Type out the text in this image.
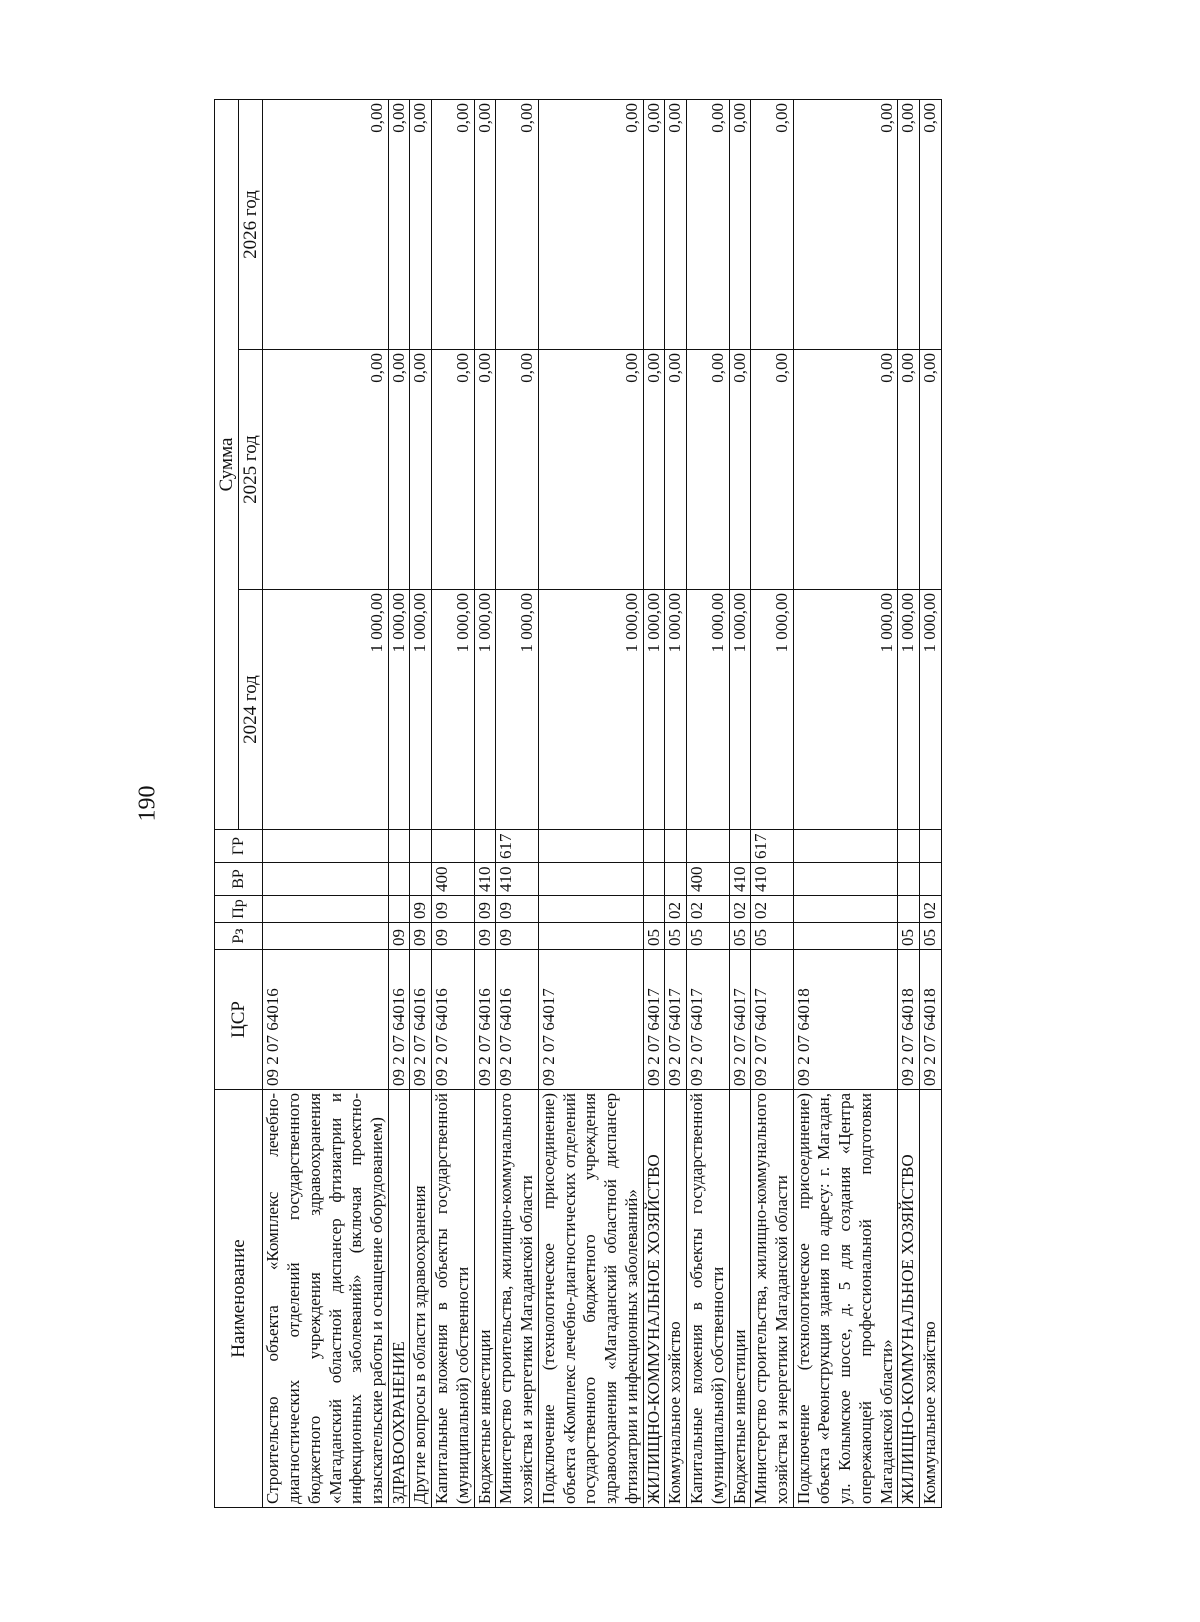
190
Наименование	ЦСР	Рз	Пр	ВР	ГР	Сумма		
						2024 год	2025 год	2026 год
Строительство объекта «Комплекс лечебно-диагностических отделений государственного бюджетного учреждения здравоохранения «Магаданский областной диспансер фтизиатрии и инфекционных заболеваний» (включая проектно-изыскательские работы и оснащение оборудованием)	09 2 07 64016					1 000,00	0,00	0,00
ЗДРАВООХРАНЕНИЕ	09 2 07 64016	09				1 000,00	0,00	0,00
Другие вопросы в области здравоохранения	09 2 07 64016	09	09			1 000,00	0,00	0,00
Капитальные вложения в объекты государственной (муниципальной) собственности	09 2 07 64016	09	09	400		1 000,00	0,00	0,00
Бюджетные инвестиции	09 2 07 64016	09	09	410		1 000,00	0,00	0,00
Министерство строительства, жилищно-коммунального хозяйства и энергетики Магаданской области	09 2 07 64016	09	09	410	617	1 000,00	0,00	0,00
Подключение (технологическое присоединение) объекта «Комплекс лечебно-диагностических отделений государственного бюджетного учреждения здравоохранения «Магаданский областной диспансер фтизиатрии и инфекционных заболеваний»	09 2 07 64017					1 000,00	0,00	0,00
ЖИЛИЩНО-КОММУНАЛЬНОЕ ХОЗЯЙСТВО	09 2 07 64017	05				1 000,00	0,00	0,00
Коммунальное хозяйство	09 2 07 64017	05	02			1 000,00	0,00	0,00
Капитальные вложения в объекты государственной (муниципальной) собственности	09 2 07 64017	05	02	400		1 000,00	0,00	0,00
Бюджетные инвестиции	09 2 07 64017	05	02	410		1 000,00	0,00	0,00
Министерство строительства, жилищно-коммунального хозяйства и энергетики Магаданской области	09 2 07 64017	05	02	410	617	1 000,00	0,00	0,00
Подключение (технологическое присоединение) объекта «Реконструкция здания по адресу: г. Магадан, ул. Колымское шоссе, д. 5 для создания «Центра опережающей профессиональной подготовки Магаданской области»	09 2 07 64018					1 000,00	0,00	0,00
ЖИЛИЩНО-КОММУНАЛЬНОЕ ХОЗЯЙСТВО	09 2 07 64018	05				1 000,00	0,00	0,00
Коммунальное хозяйство	09 2 07 64018	05	02			1 000,00	0,00	0,00
